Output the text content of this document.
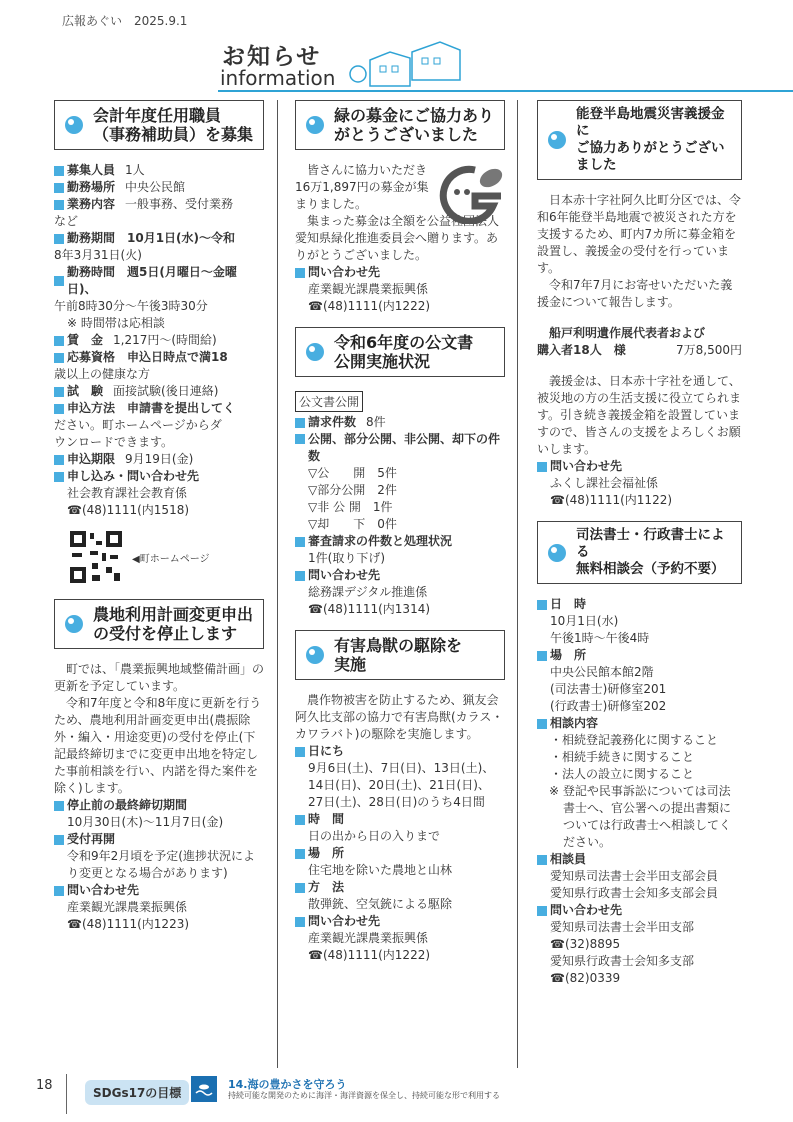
広報あぐい　2025.9.1
お知らせ
information
会計年度任用職員
（事務補助員）を募集
募集人員 1人
勤務場所 中央公民館
業務内容 一般事務、受付業務

など

勤務期間　10月1日(水)～令和

8年3月31日(火)

勤務時間　週5日(月曜日～金曜日)、

午前8時30分～午後3時30分

※ 時間帯は応相談

賃　金 1,217円～(時間給)
応募資格　申込日時点で満18

歳以上の健康な方

試　験 面接試験(後日連絡)
申込方法　申請書を提出してく

ださい。町ホームページからダ

ウンロードできます。

申込期限 9月19日(金)
申し込み・問い合わせ先

社会教育課社会教育係

☎(48)1111(内1518)

◀町ホームページ
農地利用計画変更申出
の受付を停止します

町では、「農業振興地域整備計画」の更新を予定しています。

令和7年度と令和8年度に更新を行うため、農地利用計画変更申出(農振除外・編入・用途変更)の受付を停止(下記最終締切までに変更申出地を特定した事前相談を行い、内諾を得た案件を除く)します。

停止前の最終締切期間

10月30日(木)～11月7日(金)

受付再開

令和9年2月頃を予定(進捗状況により変更となる場合があります)

問い合わせ先

産業観光課農業振興係

☎(48)1111(内1223)

緑の募金にご協力あり
がとうございました

皆さんに協力いただき16万1,897円の募金が集まりました。

集まった募金は全額を公益社団法人愛知県緑化推進委員会へ贈ります。ありがとうございました。

問い合わせ先

産業観光課農業振興係

☎(48)1111(内1222)

令和6年度の公文書
公開実施状況
公文書公開
請求件数 8件
公開、部分公開、非公開、却下の件数

▽公　　開　5件

▽部分公開　2件

▽非 公 開　1件

▽却　　下　0件

審査請求の件数と処理状況

1件(取り下げ)

問い合わせ先

総務課デジタル推進係

☎(48)1111(内1314)

有害鳥獣の駆除を
実施

農作物被害を防止するため、猟友会阿久比支部の協力で有害鳥獣(カラス・カワラバト)の駆除を実施します。

日にち

9月6日(土)、7日(日)、13日(土)、14日(日)、20日(土)、21日(日)、27日(土)、28日(日)のうち4日間

時　間

日の出から日の入りまで

場　所

住宅地を除いた農地と山林

方　法

散弾銃、空気銃による駆除

問い合わせ先

産業観光課農業振興係

☎(48)1111(内1222)

能登半島地震災害義援金に
ご協力ありがとうございました

日本赤十字社阿久比町分区では、令和6年能登半島地震で被災された方を支援するため、町内7カ所に募金箱を設置し、義援金の受付を行っています。

令和7年7月にお寄せいただいた義援金について報告します。

船戸利明遺作展代表者および

購入者18人　様	7万8,500円

義援金は、日本赤十字社を通して、被災地の方の生活支援に役立てられます。引き続き義援金箱を設置していますので、皆さんの支援をよろしくお願いします。

問い合わせ先

ふくし課社会福祉係

☎(48)1111(内1122)

司法書士・行政書士による
無料相談会（予約不要）
日　時

10月1日(水)

午後1時～午後4時

場　所

中央公民館本館2階

(司法書士)研修室201

(行政書士)研修室202

相談内容

・相続登記義務化に関すること

・相続手続きに関すること

・法人の設立に関すること

※ 登記や民事訴訟については司法書士へ、官公署への提出書類については行政書士へ相談してください。

相談員

愛知県司法書士会半田支部会員

愛知県行政書士会知多支部会員

問い合わせ先

愛知県司法書士会半田支部

☎(32)8895

愛知県行政書士会知多支部

☎(82)0339

18	SDGs17の目標
14.海の豊かさを守ろう
持続可能な開発のために海洋・海洋資源を保全し、持続可能な形で利用する
